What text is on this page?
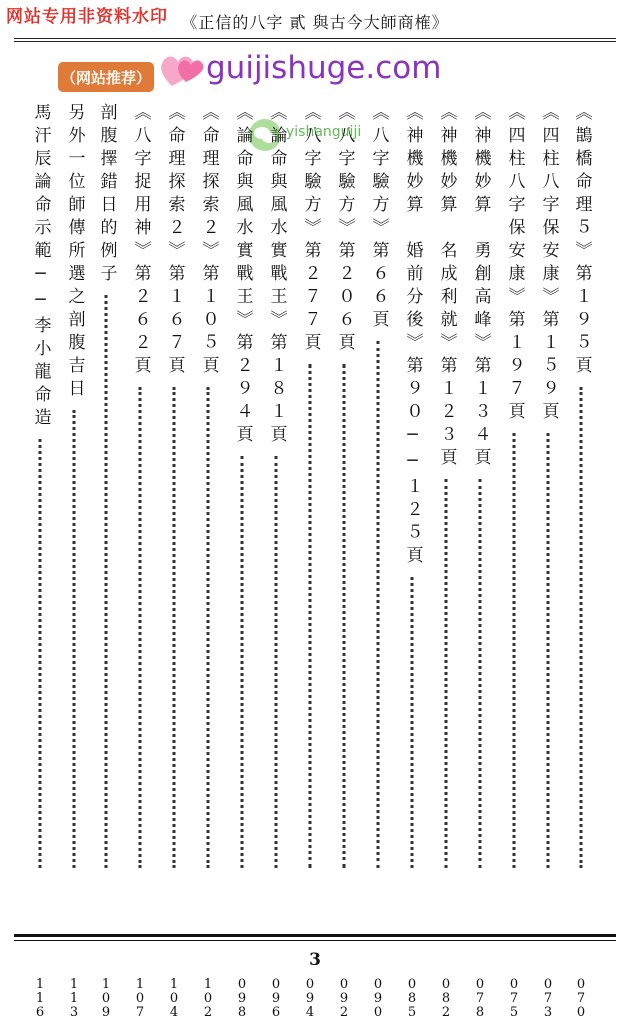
网站专用非资料水印 《正信的八字 貳 與古今大師商榷》
（网站推荐） guijishuge.com
yishanguiji	《鵲橋命理５》第１９５頁
070
《四柱八字保安康》第１５９頁
073
《四柱八字保安康》第１９７頁
075
《神機妙算　勇創高峰》第１３４頁
078
《神機妙算　名成利就》第１２３頁
082
《神機妙算　婚前分後》第９０──１２５頁
085
《八字驗方》第６６頁
090
《八字驗方》第２０６頁
092
《八字驗方》第２７７頁
094
《論命與風水實戰王》第１８１頁
096
《論命與風水實戰王》第２９４頁
098
《命理探索２》第１０５頁
102
《命理探索２》第１６７頁
104
《八字捉用神》第２６２頁
107
剖腹擇錯日的例子
109
另外一位師傳所選之剖腹吉日
113
馬汗辰論命示範──李小龍命造
116
3
